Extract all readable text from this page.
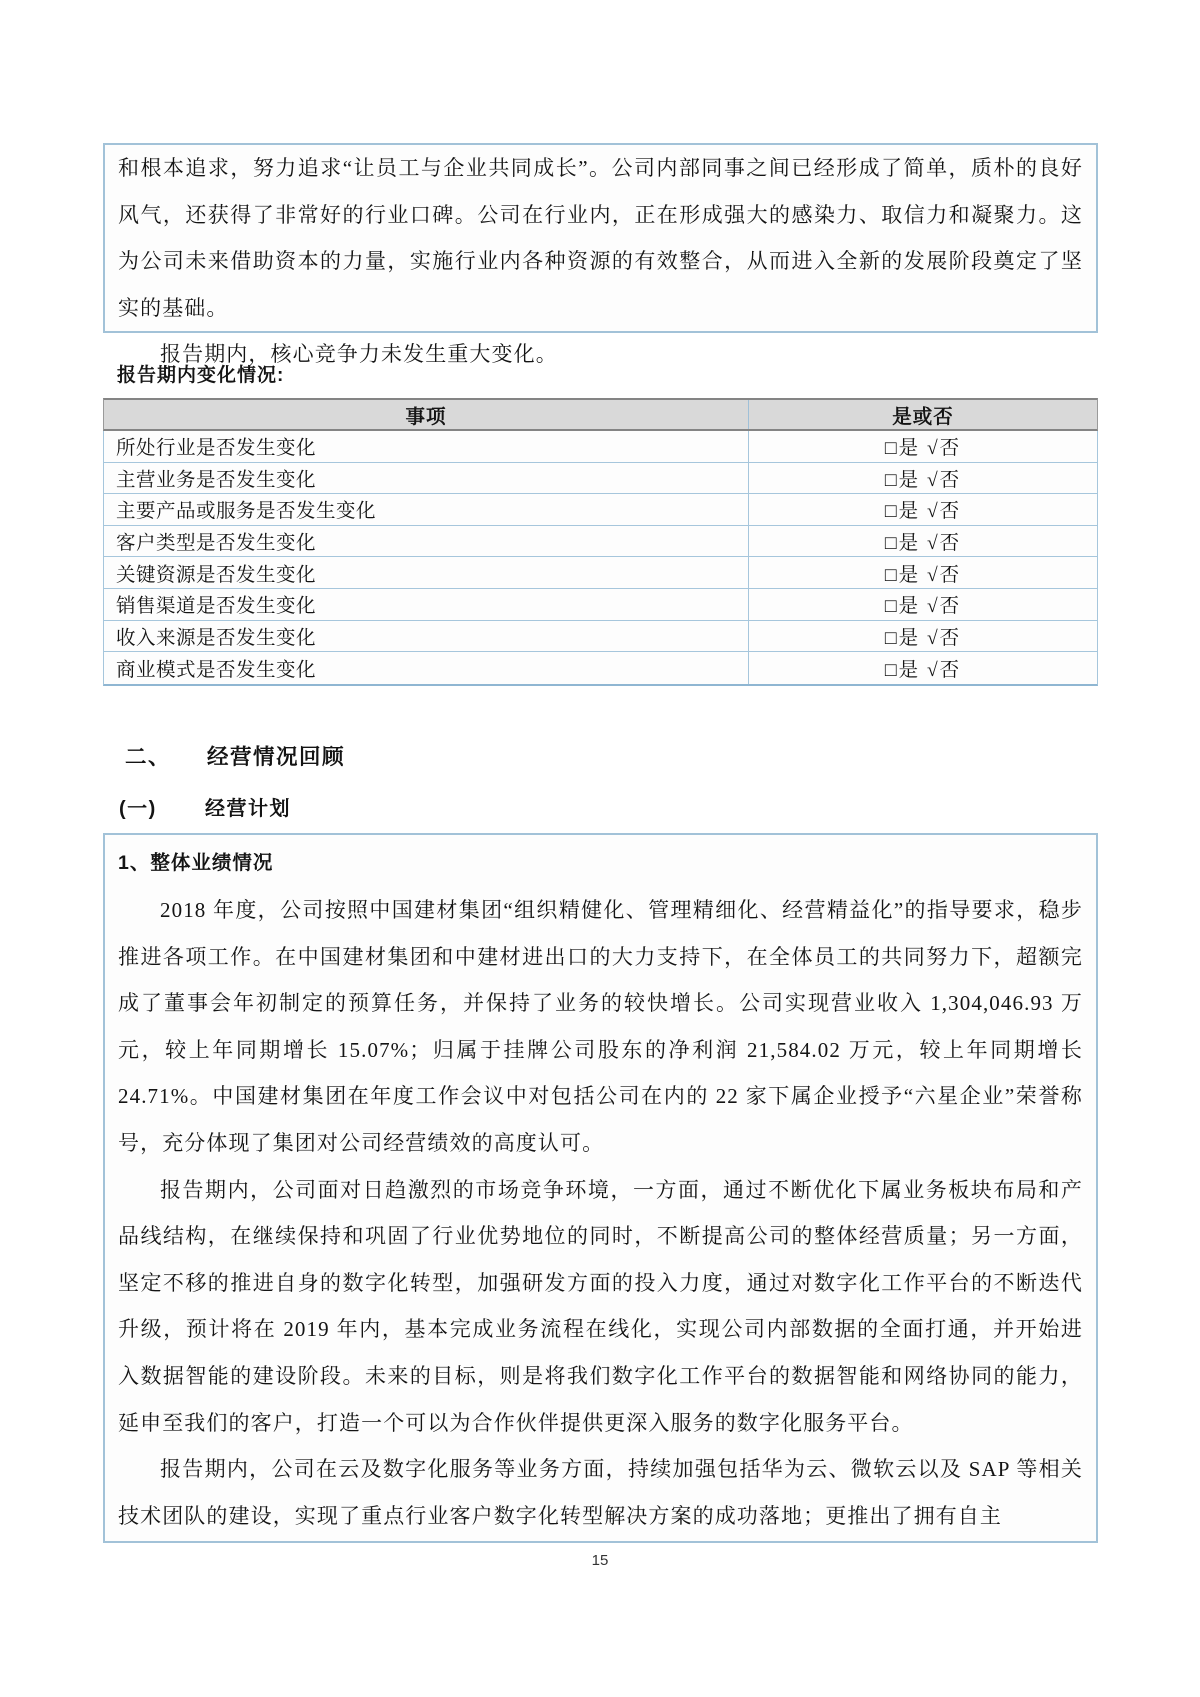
和根本追求，努力追求“让员工与企业共同成长”。公司内部同事之间已经形成了简单，质朴的良好风气，还获得了非常好的行业口碑。公司在行业内，正在形成强大的感染力、取信力和凝聚力。这为公司未来借助资本的力量，实施行业内各种资源的有效整合，从而进入全新的发展阶段奠定了坚实的基础。

报告期内，核心竞争力未发生重大变化。

报告期内变化情况:
事项	是或否
所处行业是否发生变化	□是 √否
主营业务是否发生变化	□是 √否
主要产品或服务是否发生变化	□是 √否
客户类型是否发生变化	□是 √否
关键资源是否发生变化	□是 √否
销售渠道是否发生变化	□是 √否
收入来源是否发生变化	□是 √否
商业模式是否发生变化	□是 √否
二、	经营情况回顾
(一)	经营计划
1、整体业绩情况

2018 年度，公司按照中国建材集团“组织精健化、管理精细化、经营精益化”的指导要求，稳步推进各项工作。在中国建材集团和中建材进出口的大力支持下，在全体员工的共同努力下，超额完成了董事会年初制定的预算任务，并保持了业务的较快增长。公司实现营业收入 1,304,046.93 万元，较上年同期增长 15.07%；归属于挂牌公司股东的净利润 21,584.02 万元，较上年同期增长 24.71%。中国建材集团在年度工作会议中对包括公司在内的 22 家下属企业授予“六星企业”荣誉称号，充分体现了集团对公司经营绩效的高度认可。

报告期内，公司面对日趋激烈的市场竞争环境，一方面，通过不断优化下属业务板块布局和产品线结构，在继续保持和巩固了行业优势地位的同时，不断提高公司的整体经营质量；另一方面，坚定不移的推进自身的数字化转型，加强研发方面的投入力度，通过对数字化工作平台的不断迭代升级，预计将在 2019 年内，基本完成业务流程在线化，实现公司内部数据的全面打通，并开始进入数据智能的建设阶段。未来的目标，则是将我们数字化工作平台的数据智能和网络协同的能力，延申至我们的客户，打造一个可以为合作伙伴提供更深入服务的数字化服务平台。

报告期内，公司在云及数字化服务等业务方面，持续加强包括华为云、微软云以及 SAP 等相关技术团队的建设，实现了重点行业客户数字化转型解决方案的成功落地；更推出了拥有自主

15
